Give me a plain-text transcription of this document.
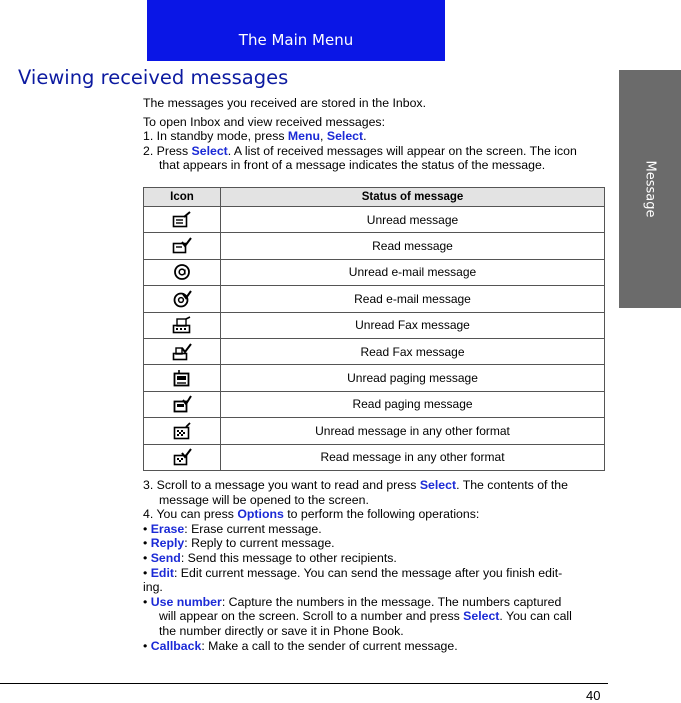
The Main Menu
Message
Viewing received messages

The messages you received are stored in the Inbox.

To open Inbox and view received messages:

1. In standby mode, press Menu, Select.

2. Press Select. A list of received messages will appear on the screen. The icon

that appears in front of a message indicates the status of the message.

Icon	Status of message

	Unread message

	Read message

	Unread e-mail message

	Read e-mail message

	Unread Fax message

	Read Fax message

	Unread paging message

	Read paging message

	Unread message in any other format

	Read message in any other format

3. Scroll to a message you want to read and press Select. The contents of the

message will be opened to the screen.

4. You can press Options to perform the following operations:

• Erase: Erase current message.

• Reply: Reply to current message.

• Send: Send this message to other recipients.

• Edit: Edit current message. You can send the message after you finish edit-

ing.

• Use number: Capture the numbers in the message. The numbers captured

will appear on the screen. Scroll to a number and press Select. You can call

the number directly or save it in Phone Book.

• Callback: Make a call to the sender of current message.

40
